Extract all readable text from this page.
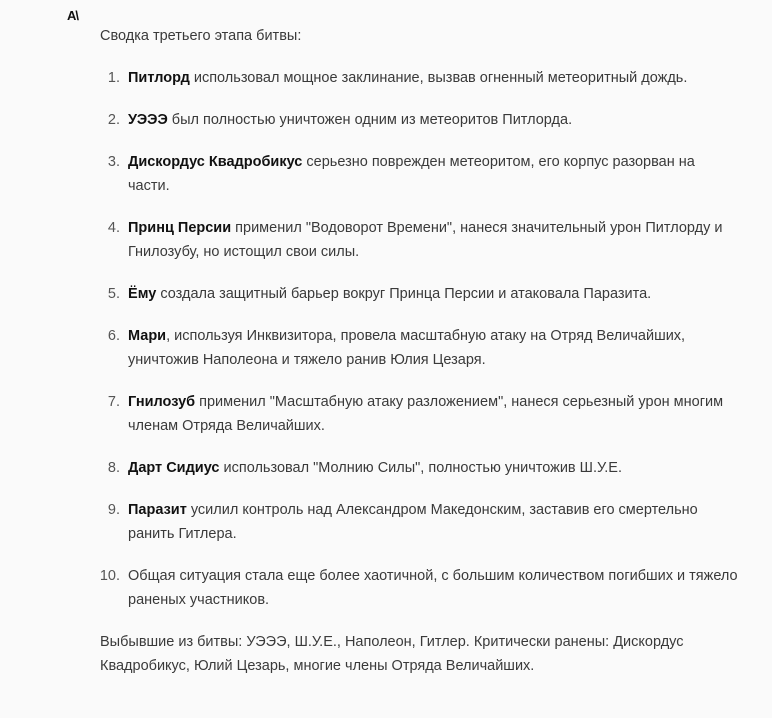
A\

Сводка третьего этапа битвы:

1. Питлорд использовал мощное заклинание, вызвав огненный метеоритный дождь.
2. УЭЭЭ был полностью уничтожен одним из метеоритов Питлорда.
3. Дискордус Квадробикус серьезно поврежден метеоритом, его корпус разорван на части.
4. Принц Персии применил "Водоворот Времени", нанеся значительный урон Питлорду и Гнилозубу, но истощил свои силы.
5. Ёму создала защитный барьер вокруг Принца Персии и атаковала Паразита.
6. Мари, используя Инквизитора, провела масштабную атаку на Отряд Величайших, уничтожив Наполеона и тяжело ранив Юлия Цезаря.
7. Гнилозуб применил "Масштабную атаку разложением", нанеся серьезный урон многим членам Отряда Величайших.
8. Дарт Сидиус использовал "Молнию Силы", полностью уничтожив Ш.У.Е.
9. Паразит усилил контроль над Александром Македонским, заставив его смертельно ранить Гитлера.
10. Общая ситуация стала еще более хаотичной, с большим количеством погибших и тяжело раненых участников.

Выбывшие из битвы: УЭЭЭ, Ш.У.Е., Наполеон, Гитлер. Критически ранены: Дискордус Квадробикус, Юлий Цезарь, многие члены Отряда Величайших.
